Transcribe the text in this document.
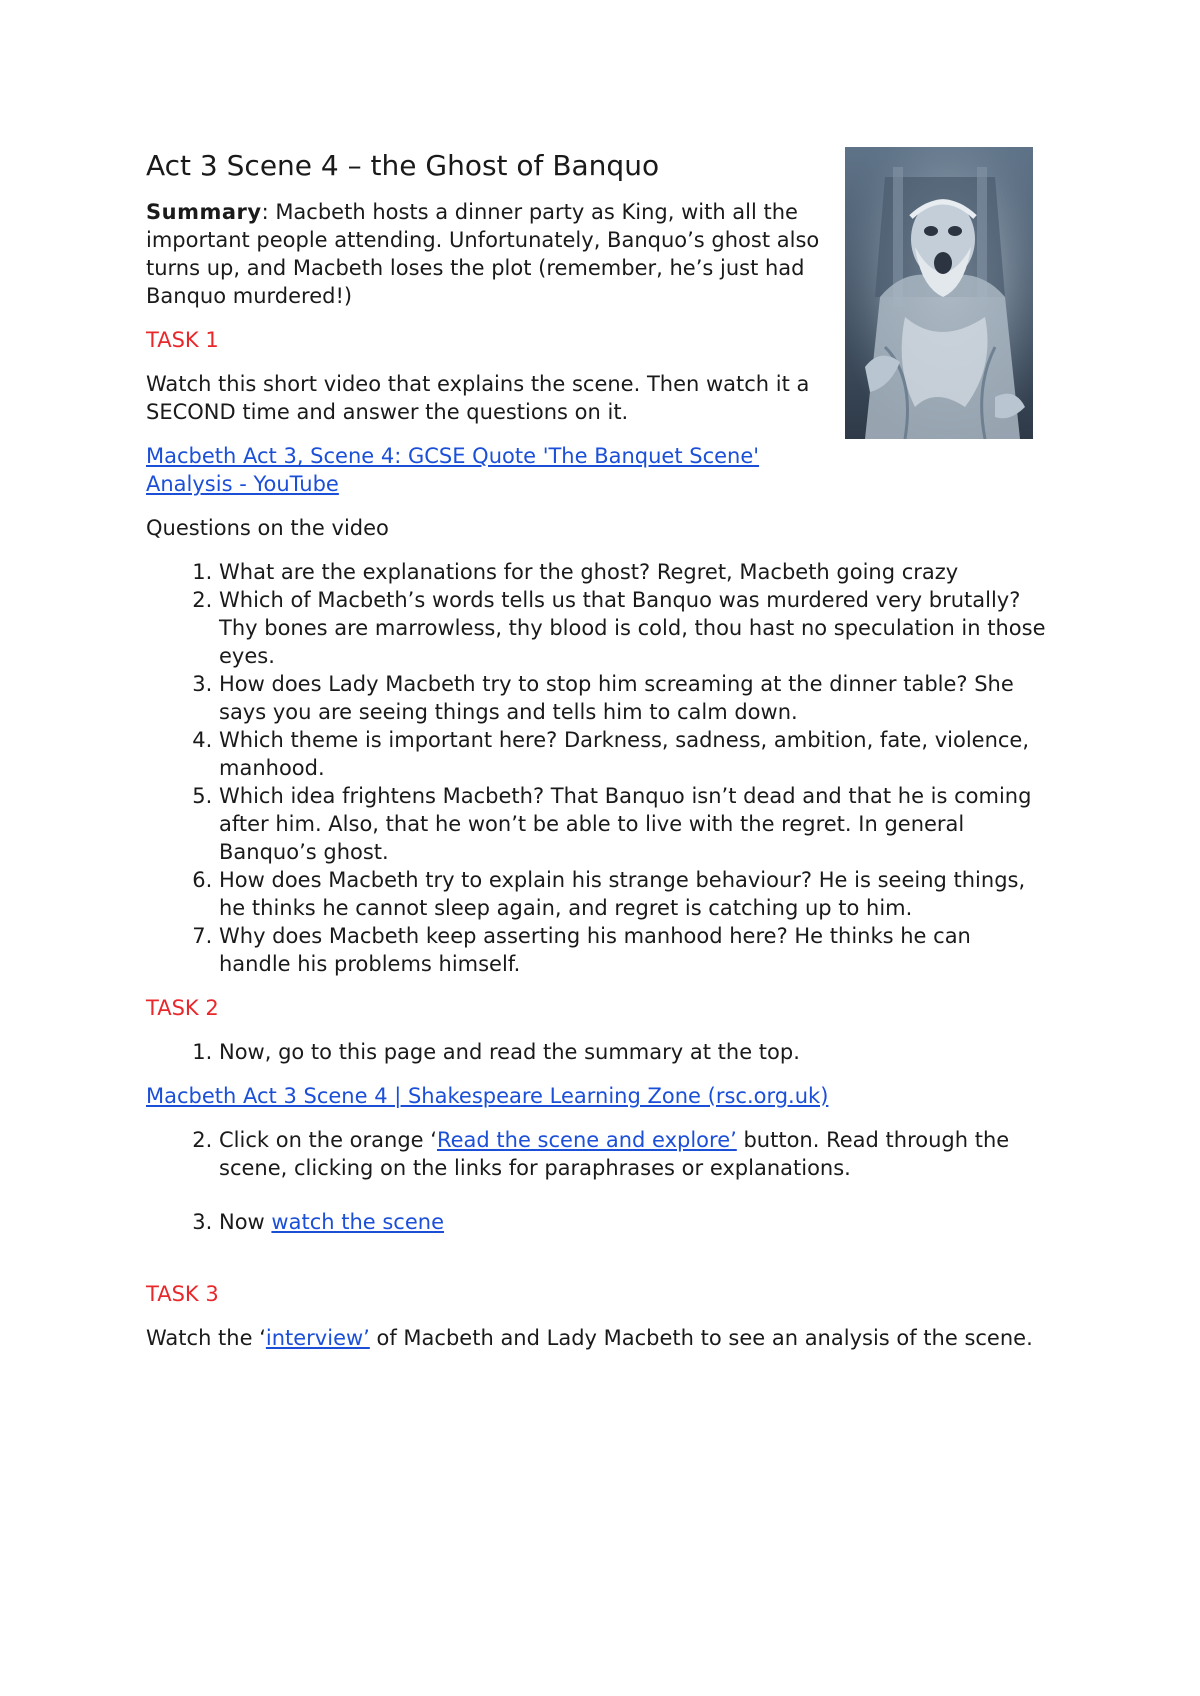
Act 3 Scene 4 – the Ghost of Banquo

Summary: Macbeth hosts a dinner party as King, with all the important people attending. Unfortunately, Banquo’s ghost also turns up, and Macbeth loses the plot (remember, he’s just had Banquo murdered!)

TASK 1

Watch this short video that explains the scene. Then watch it a SECOND time and answer the questions on it.

Macbeth Act 3, Scene 4: GCSE Quote 'The Banquet Scene' Analysis - YouTube

Questions on the video

1. What are the explanations for the ghost? Regret, Macbeth going crazy
2. Which of Macbeth’s words tells us that Banquo was murdered very brutally? Thy bones are marrowless, thy blood is cold, thou hast no speculation in those eyes.
3. How does Lady Macbeth try to stop him screaming at the dinner table? She says you are seeing things and tells him to calm down.
4. Which theme is important here? Darkness, sadness, ambition, fate, violence, manhood.
5. Which idea frightens Macbeth? That Banquo isn’t dead and that he is coming after him. Also, that he won’t be able to live with the regret. In general Banquo’s ghost.
6. How does Macbeth try to explain his strange behaviour? He is seeing things, he thinks he cannot sleep again, and regret is catching up to him.
7. Why does Macbeth keep asserting his manhood here? He thinks he can handle his problems himself.

TASK 2

1. Now, go to this page and read the summary at the top.

Macbeth Act 3 Scene 4 | Shakespeare Learning Zone (rsc.org.uk)

2. Click on the orange ‘Read the scene and explore’ button. Read through the scene, clicking on the links for paraphrases or explanations.
3. Now watch the scene

TASK 3

Watch the ‘interview’ of Macbeth and Lady Macbeth to see an analysis of the scene.
